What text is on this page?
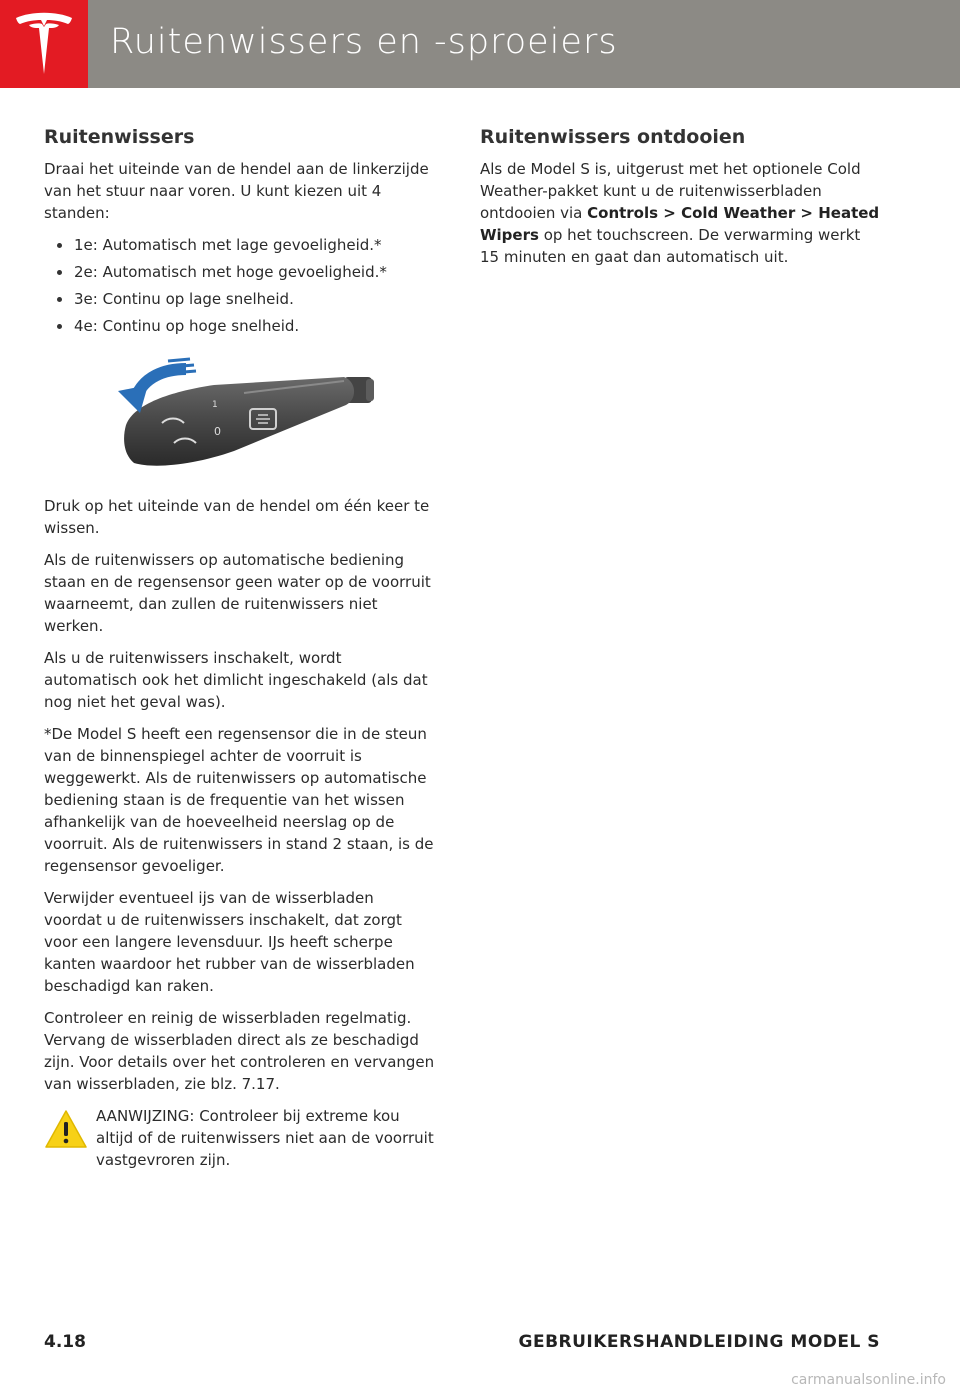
Ruitenwissers en -sproeiers
Ruitenwissers

Draai het uiteinde van de hendel aan de linkerzijde van het stuur naar voren. U kunt kiezen uit 4 standen:

1e: Automatisch met lage gevoeligheid.*
2e: Automatisch met hoge gevoeligheid.*
3e: Continu op lage snelheid.
4e: Continu op hoge snelheid.
1
0

Druk op het uiteinde van de hendel om één keer te wissen.

Als de ruitenwissers op automatische bediening staan en de regensensor geen water op de voorruit waarneemt, dan zullen de ruitenwissers niet werken.

Als u de ruitenwissers inschakelt, wordt automatisch ook het dimlicht ingeschakeld (als dat nog niet het geval was).

*De Model S heeft een regensensor die in de steun van de binnenspiegel achter de voorruit is weggewerkt. Als de ruitenwissers op automatische bediening staan is de frequentie van het wissen afhankelijk van de hoeveelheid neerslag op de voorruit. Als de ruitenwissers in stand 2 staan, is de regensensor gevoeliger.

Verwijder eventueel ijs van de wisserbladen voordat u de ruitenwissers inschakelt, dat zorgt voor een langere levensduur. IJs heeft scherpe kanten waardoor het rubber van de wisserbladen beschadigd kan raken.

Controleer en reinig de wisserbladen regelmatig. Vervang de wisserbladen direct als ze beschadigd zijn. Voor details over het controleren en vervangen van wisserbladen, zie blz. 7.17.

AANWIJZING: Controleer bij extreme kou altijd of de ruitenwissers niet aan de voorruit vastgevroren zijn.

Ruitenwissers ontdooien

Als de Model S is, uitgerust met het optionele Cold Weather-pakket kunt u de ruitenwisserbladen ontdooien via Controls > Cold Weather > Heated Wipers op het touchscreen. De verwarming werkt 15 minuten en gaat dan automatisch uit.

4.18	GEBRUIKERSHANDLEIDING MODEL S
carmanualsonline.info
